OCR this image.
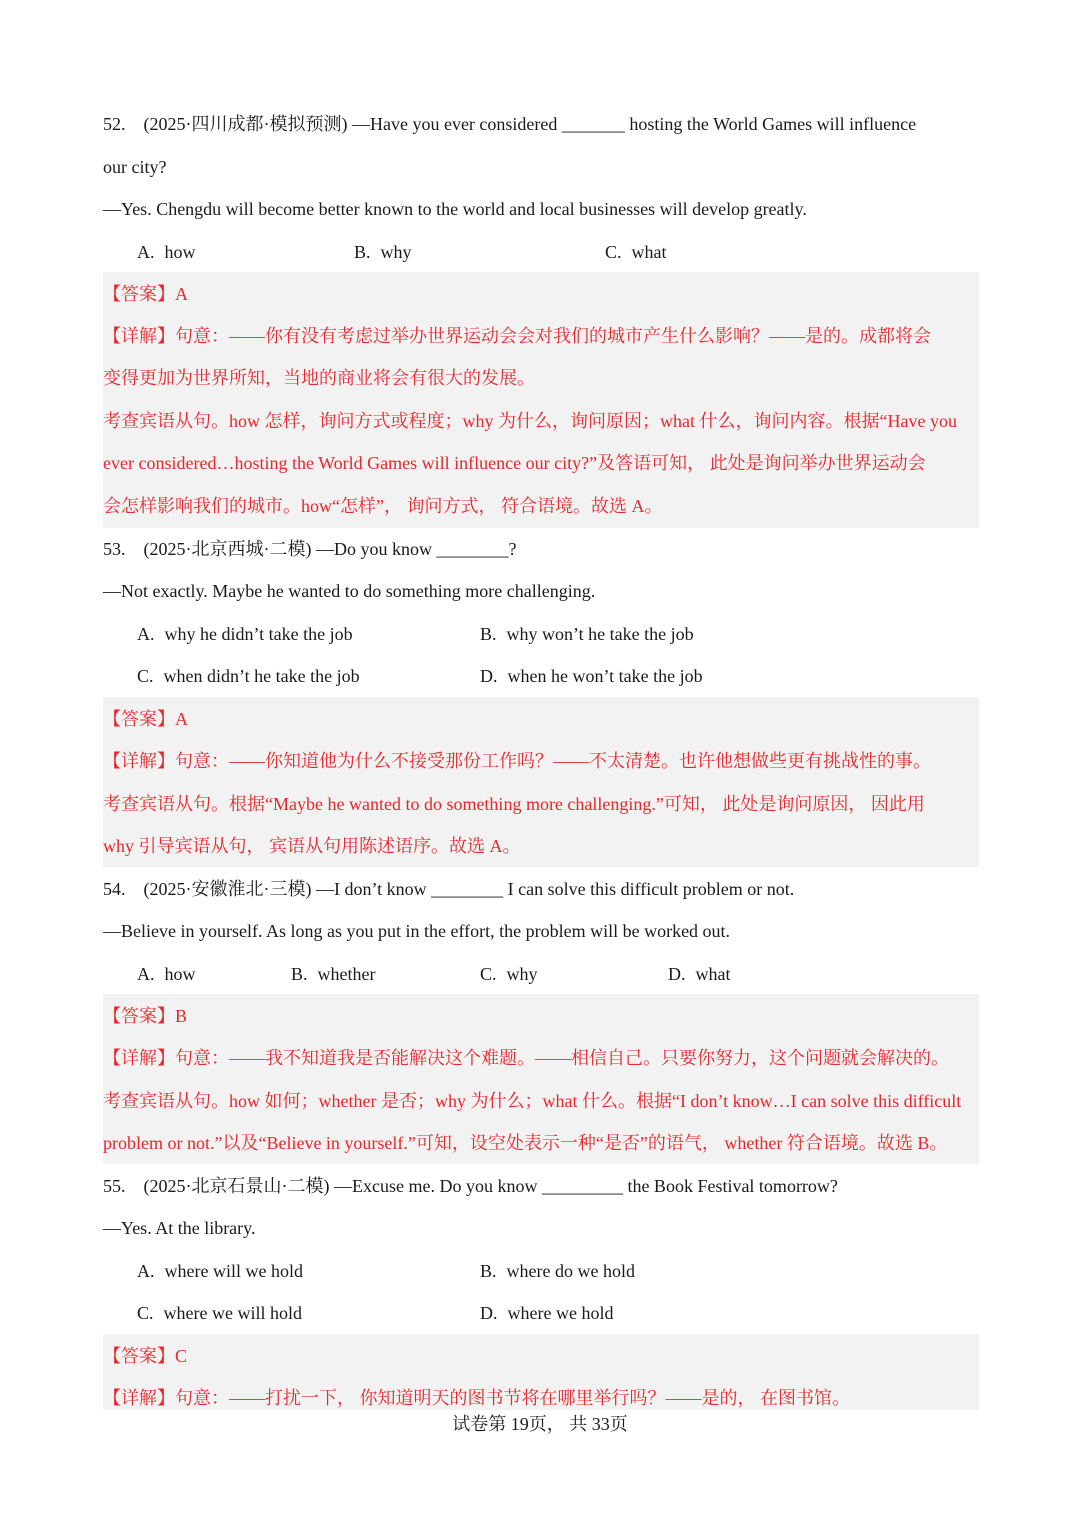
52.　(2025·四川成都·模拟预测) —Have you ever considered _______ hosting the World Games will influence
our city?
—Yes. Chengdu will become better known to the world and local businesses will develop greatly.
A. how	B. why	C. what
【答案】A
【详解】句意：——你有没有考虑过举办世界运动会会对我们的城市产生什么影响？——是的。成都将会
变得更加为世界所知，当地的商业将会有很大的发展。
考查宾语从句。how 怎样，询问方式或程度；why 为什么，询问原因；what 什么，询问内容。根据“Have you
ever considered…hosting the World Games will influence our city?”及答语可知， 此处是询问举办世界运动会
会怎样影响我们的城市。how“怎样”， 询问方式， 符合语境。故选 A。
53.　(2025·北京西城·二模) —Do you know ________?
—Not exactly. Maybe he wanted to do something more challenging.
A. why he didn’t take the job	B. why won’t he take the job
C. when didn’t he take the job	D. when he won’t take the job
【答案】A
【详解】句意：——你知道他为什么不接受那份工作吗？——不太清楚。也许他想做些更有挑战性的事。
考查宾语从句。根据“Maybe he wanted to do something more challenging.”可知， 此处是询问原因， 因此用
why 引导宾语从句， 宾语从句用陈述语序。故选 A。
54.　(2025·安徽淮北·三模) —I don’t know ________ I can solve this difficult problem or not.
—Believe in yourself. As long as you put in the effort, the problem will be worked out.
A. how	B. whether	C. why	D. what
【答案】B
【详解】句意：——我不知道我是否能解决这个难题。——相信自己。只要你努力，这个问题就会解决的。
考查宾语从句。how 如何；whether 是否；why 为什么；what 什么。根据“I don’t know…I can solve this difficult
problem or not.”以及“Believe in yourself.”可知，设空处表示一种“是否”的语气， whether 符合语境。故选 B。
55.　(2025·北京石景山·二模) —Excuse me. Do you know _________ the Book Festival tomorrow?
—Yes. At the library.
A. where will we hold	B. where do we hold
C. where we will hold	D. where we hold
【答案】C
【详解】句意：——打扰一下， 你知道明天的图书节将在哪里举行吗？——是的， 在图书馆。
试卷第 19页， 共 33页
